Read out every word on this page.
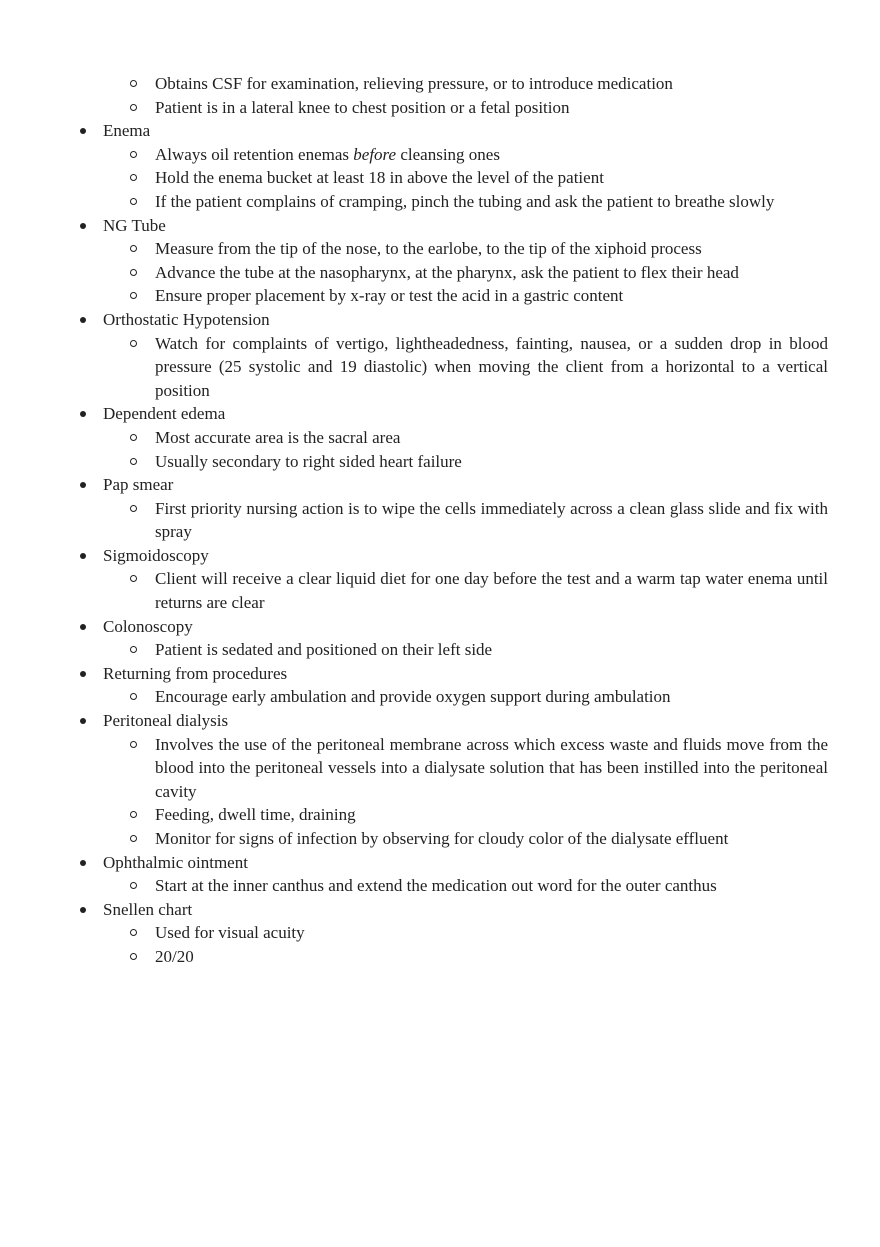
Obtains CSF for examination, relieving pressure, or to introduce medication
Patient is in a lateral knee to chest position or a fetal position
Enema
Always oil retention enemas before cleansing ones
Hold the enema bucket at least 18 in above the level of the patient
If the patient complains of cramping, pinch the tubing and ask the patient to breathe slowly
NG Tube
Measure from the tip of the nose, to the earlobe, to the tip of the xiphoid process
Advance the tube at the nasopharynx, at the pharynx, ask the patient to flex their head
Ensure proper placement by x-ray or test the acid in a gastric content
Orthostatic Hypotension
Watch for complaints of vertigo, lightheadedness, fainting, nausea, or a sudden drop in blood pressure (25 systolic and 19 diastolic) when moving the client from a horizontal to a vertical position
Dependent edema
Most accurate area is the sacral area
Usually secondary to right sided heart failure
Pap smear
First priority nursing action is to wipe the cells immediately across a clean glass slide and fix with spray
Sigmoidoscopy
Client will receive a clear liquid diet for one day before the test and a warm tap water enema until returns are clear
Colonoscopy
Patient is sedated and positioned on their left side
Returning from procedures
Encourage early ambulation and provide oxygen support during ambulation
Peritoneal dialysis
Involves the use of the peritoneal membrane across which excess waste and fluids move from the blood into the peritoneal vessels into a dialysate solution that has been instilled into the peritoneal cavity
Feeding, dwell time, draining
Monitor for signs of infection by observing for cloudy color of the dialysate effluent
Ophthalmic ointment
Start at the inner canthus and extend the medication out word for the outer canthus
Snellen chart
Used for visual acuity
20/20
